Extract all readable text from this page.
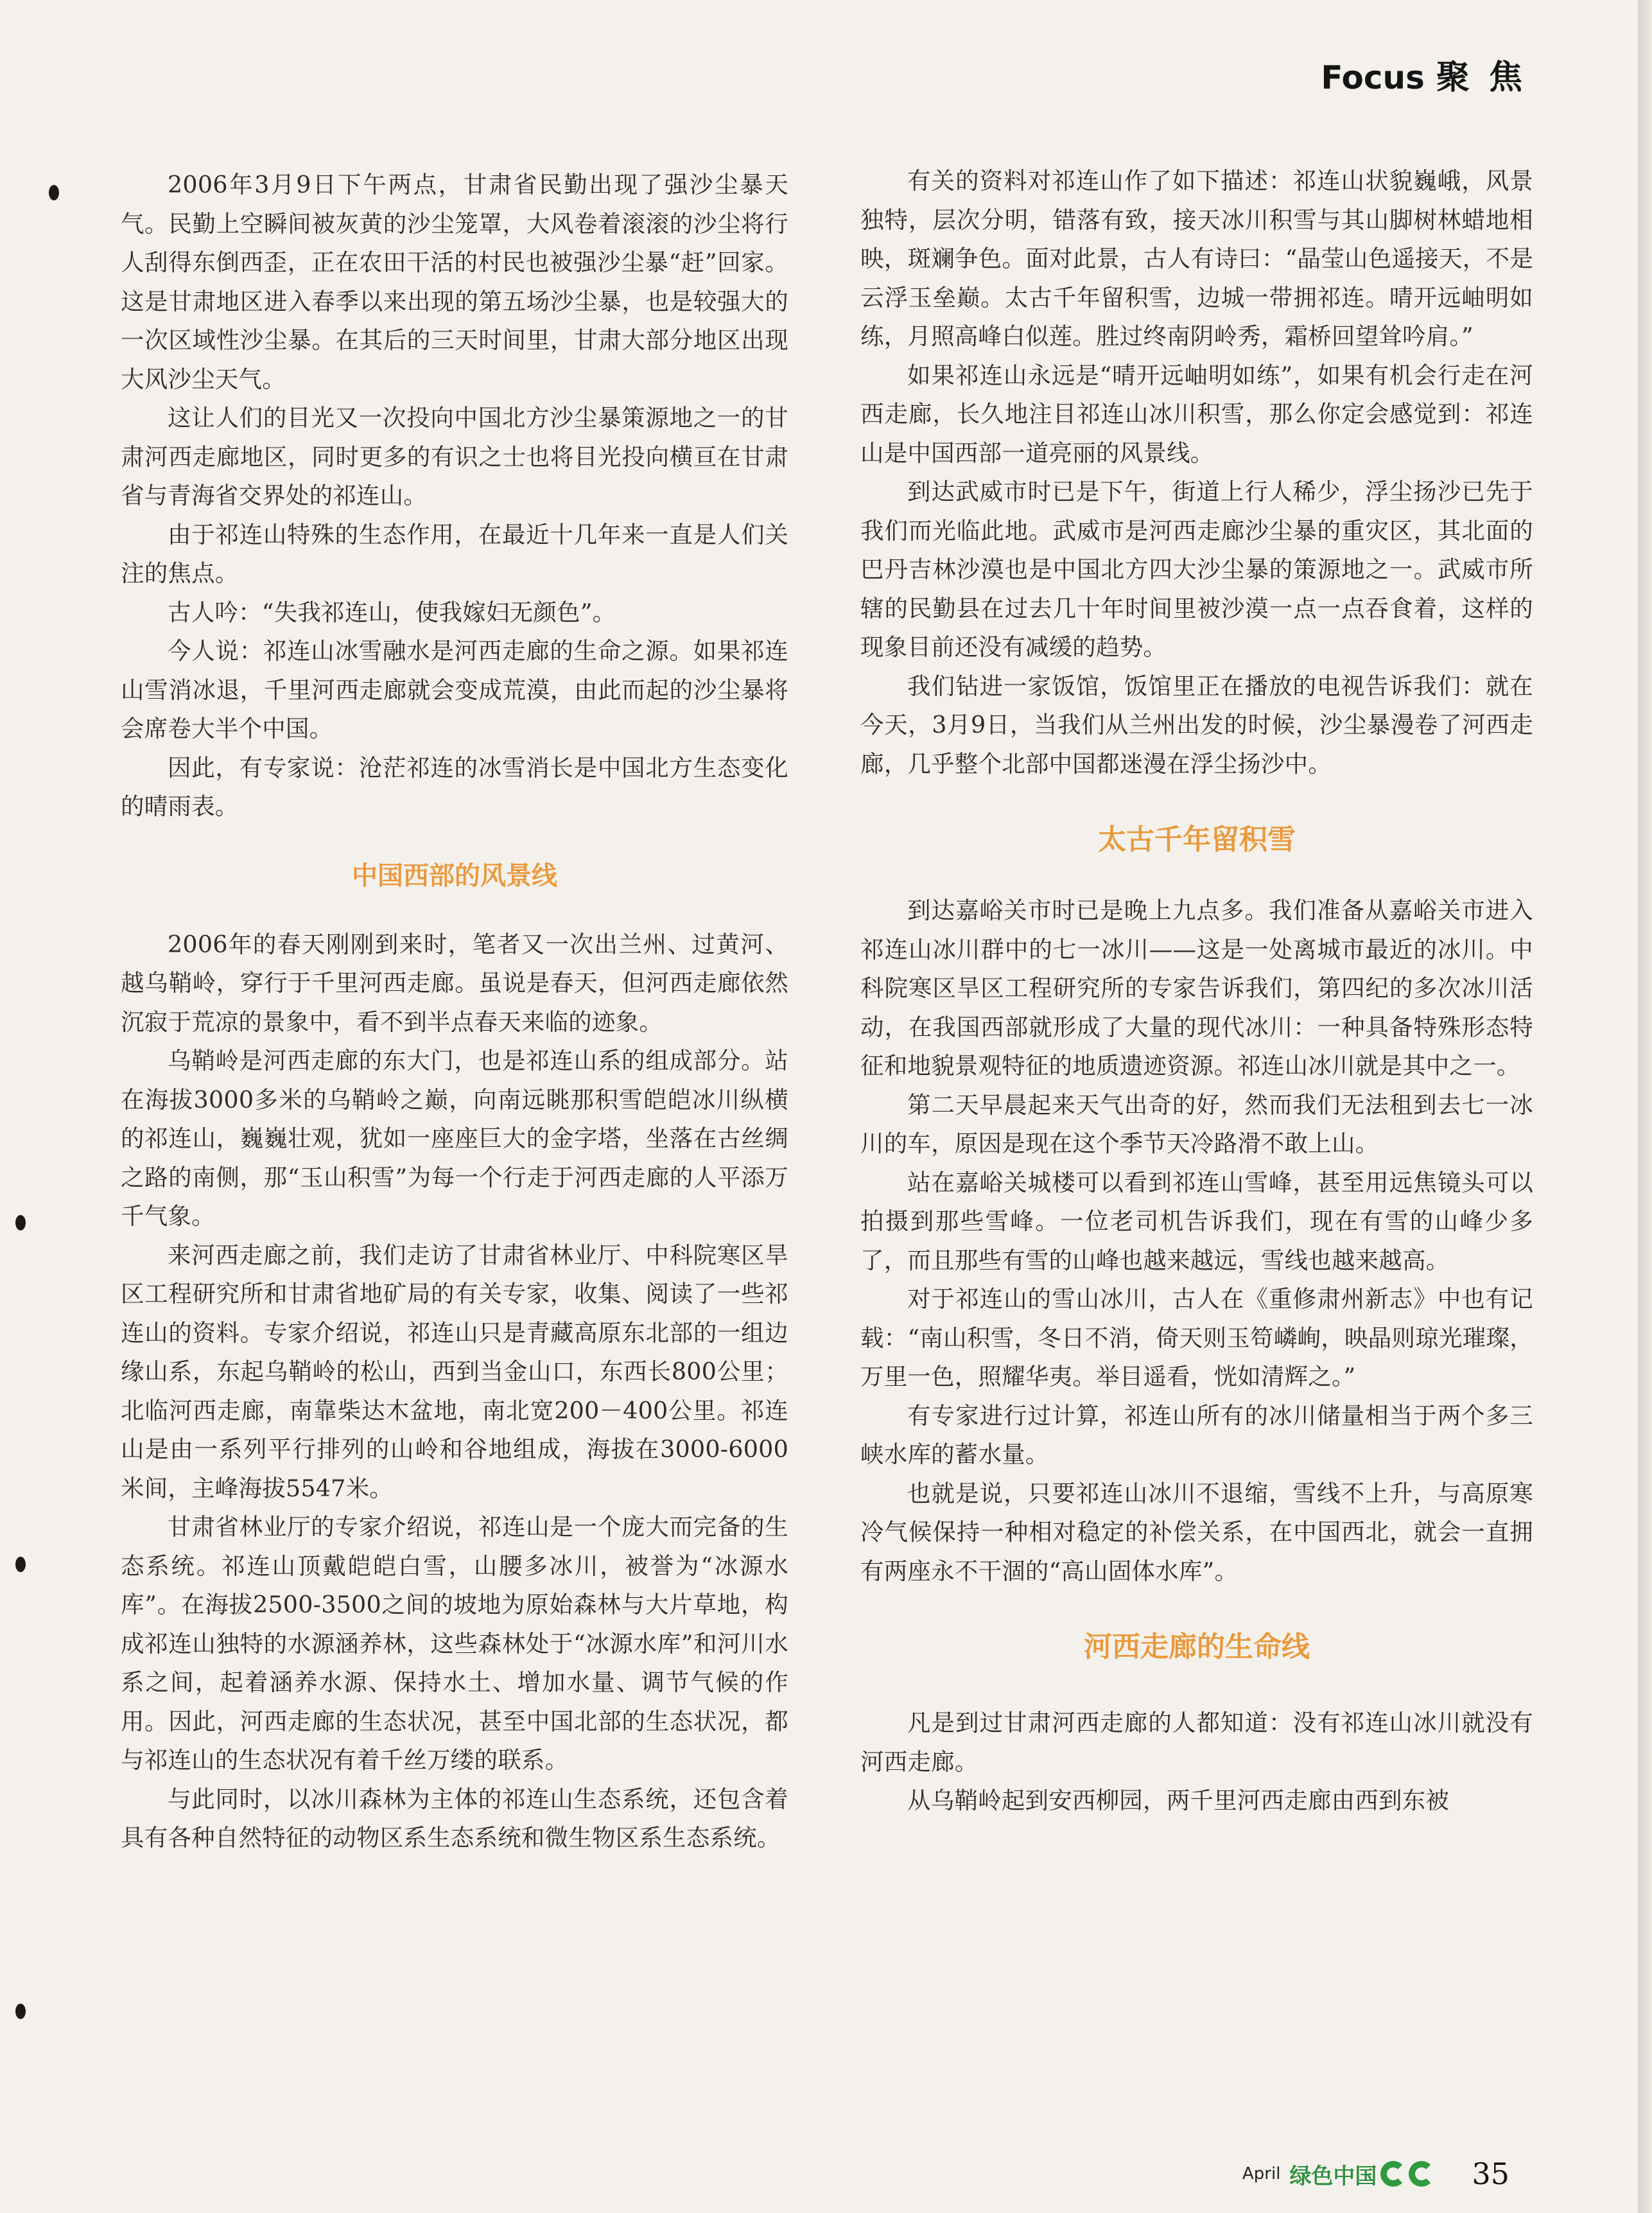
Focus 聚 焦

2006年3月9日下午两点，甘肃省民勤出现了强沙尘暴天气。民勤上空瞬间被灰黄的沙尘笼罩，大风卷着滚滚的沙尘将行人刮得东倒西歪，正在农田干活的村民也被强沙尘暴“赶”回家。这是甘肃地区进入春季以来出现的第五场沙尘暴，也是较强大的一次区域性沙尘暴。在其后的三天时间里，甘肃大部分地区出现大风沙尘天气。

这让人们的目光又一次投向中国北方沙尘暴策源地之一的甘肃河西走廊地区，同时更多的有识之士也将目光投向横亘在甘肃省与青海省交界处的祁连山。

由于祁连山特殊的生态作用，在最近十几年来一直是人们关注的焦点。

古人吟：“失我祁连山，使我嫁妇无颜色”。

今人说：祁连山冰雪融水是河西走廊的生命之源。如果祁连山雪消冰退，千里河西走廊就会变成荒漠，由此而起的沙尘暴将会席卷大半个中国。

因此，有专家说：沧茫祁连的冰雪消长是中国北方生态变化的晴雨表。

中国西部的风景线

2006年的春天刚刚到来时，笔者又一次出兰州、过黄河、越乌鞘岭，穿行于千里河西走廊。虽说是春天，但河西走廊依然沉寂于荒凉的景象中，看不到半点春天来临的迹象。

乌鞘岭是河西走廊的东大门，也是祁连山系的组成部分。站在海拔3000多米的乌鞘岭之巅，向南远眺那积雪皑皑冰川纵横的祁连山，巍巍壮观，犹如一座座巨大的金字塔，坐落在古丝绸之路的南侧，那“玉山积雪”为每一个行走于河西走廊的人平添万千气象。

来河西走廊之前，我们走访了甘肃省林业厅、中科院寒区旱区工程研究所和甘肃省地矿局的有关专家，收集、阅读了一些祁连山的资料。专家介绍说，祁连山只是青藏高原东北部的一组边缘山系，东起乌鞘岭的松山，西到当金山口，东西长800公里；北临河西走廊，南靠柴达木盆地，南北宽200－400公里。祁连山是由一系列平行排列的山岭和谷地组成，海拔在3000-6000米间，主峰海拔5547米。

甘肃省林业厅的专家介绍说，祁连山是一个庞大而完备的生态系统。祁连山顶戴皑皑白雪，山腰多冰川，被誉为“冰源水库”。在海拔2500-3500之间的坡地为原始森林与大片草地，构成祁连山独特的水源涵养林，这些森林处于“冰源水库”和河川水系之间，起着涵养水源、保持水土、增加水量、调节气候的作用。因此，河西走廊的生态状况，甚至中国北部的生态状况，都与祁连山的生态状况有着千丝万缕的联系。

与此同时，以冰川森林为主体的祁连山生态系统，还包含着具有各种自然特征的动物区系生态系统和微生物区系生态系统。

有关的资料对祁连山作了如下描述：祁连山状貌巍峨，风景独特，层次分明，错落有致，接天冰川积雪与其山脚树林蜡地相映，斑斓争色。面对此景，古人有诗曰：“晶莹山色遥接天，不是云浮玉垒巅。太古千年留积雪，边城一带拥祁连。晴开远岫明如练，月照高峰白似莲。胜过终南阴岭秀，霜桥回望耸吟肩。”

如果祁连山永远是“晴开远岫明如练”，如果有机会行走在河西走廊，长久地注目祁连山冰川积雪，那么你定会感觉到：祁连山是中国西部一道亮丽的风景线。

到达武威市时已是下午，街道上行人稀少，浮尘扬沙已先于我们而光临此地。武威市是河西走廊沙尘暴的重灾区，其北面的巴丹吉林沙漠也是中国北方四大沙尘暴的策源地之一。武威市所辖的民勤县在过去几十年时间里被沙漠一点一点吞食着，这样的现象目前还没有减缓的趋势。

我们钻进一家饭馆，饭馆里正在播放的电视告诉我们：就在今天，3月9日，当我们从兰州出发的时候，沙尘暴漫卷了河西走廊，几乎整个北部中国都迷漫在浮尘扬沙中。

太古千年留积雪

到达嘉峪关市时已是晚上九点多。我们准备从嘉峪关市进入祁连山冰川群中的七一冰川——这是一处离城市最近的冰川。中科院寒区旱区工程研究所的专家告诉我们，第四纪的多次冰川活动，在我国西部就形成了大量的现代冰川：一种具备特殊形态特征和地貌景观特征的地质遗迹资源。祁连山冰川就是其中之一。

第二天早晨起来天气出奇的好，然而我们无法租到去七一冰川的车，原因是现在这个季节天冷路滑不敢上山。

站在嘉峪关城楼可以看到祁连山雪峰，甚至用远焦镜头可以拍摄到那些雪峰。一位老司机告诉我们，现在有雪的山峰少多了，而且那些有雪的山峰也越来越远，雪线也越来越高。

对于祁连山的雪山冰川，古人在《重修肃州新志》中也有记载：“南山积雪，冬日不消，倚天则玉笱嶙峋，映晶则琼光璀璨，万里一色，照耀华夷。举目遥看，恍如清辉之。”

有专家进行过计算，祁连山所有的冰川储量相当于两个多三峡水库的蓄水量。

也就是说，只要祁连山冰川不退缩，雪线不上升，与高原寒冷气候保持一种相对稳定的补偿关系，在中国西北，就会一直拥有两座永不干涸的“高山固体水库”。

河西走廊的生命线

凡是到过甘肃河西走廊的人都知道：没有祁连山冰川就没有河西走廊。

从乌鞘岭起到安西柳园，两千里河西走廊由西到东被

April 绿色中国	35
